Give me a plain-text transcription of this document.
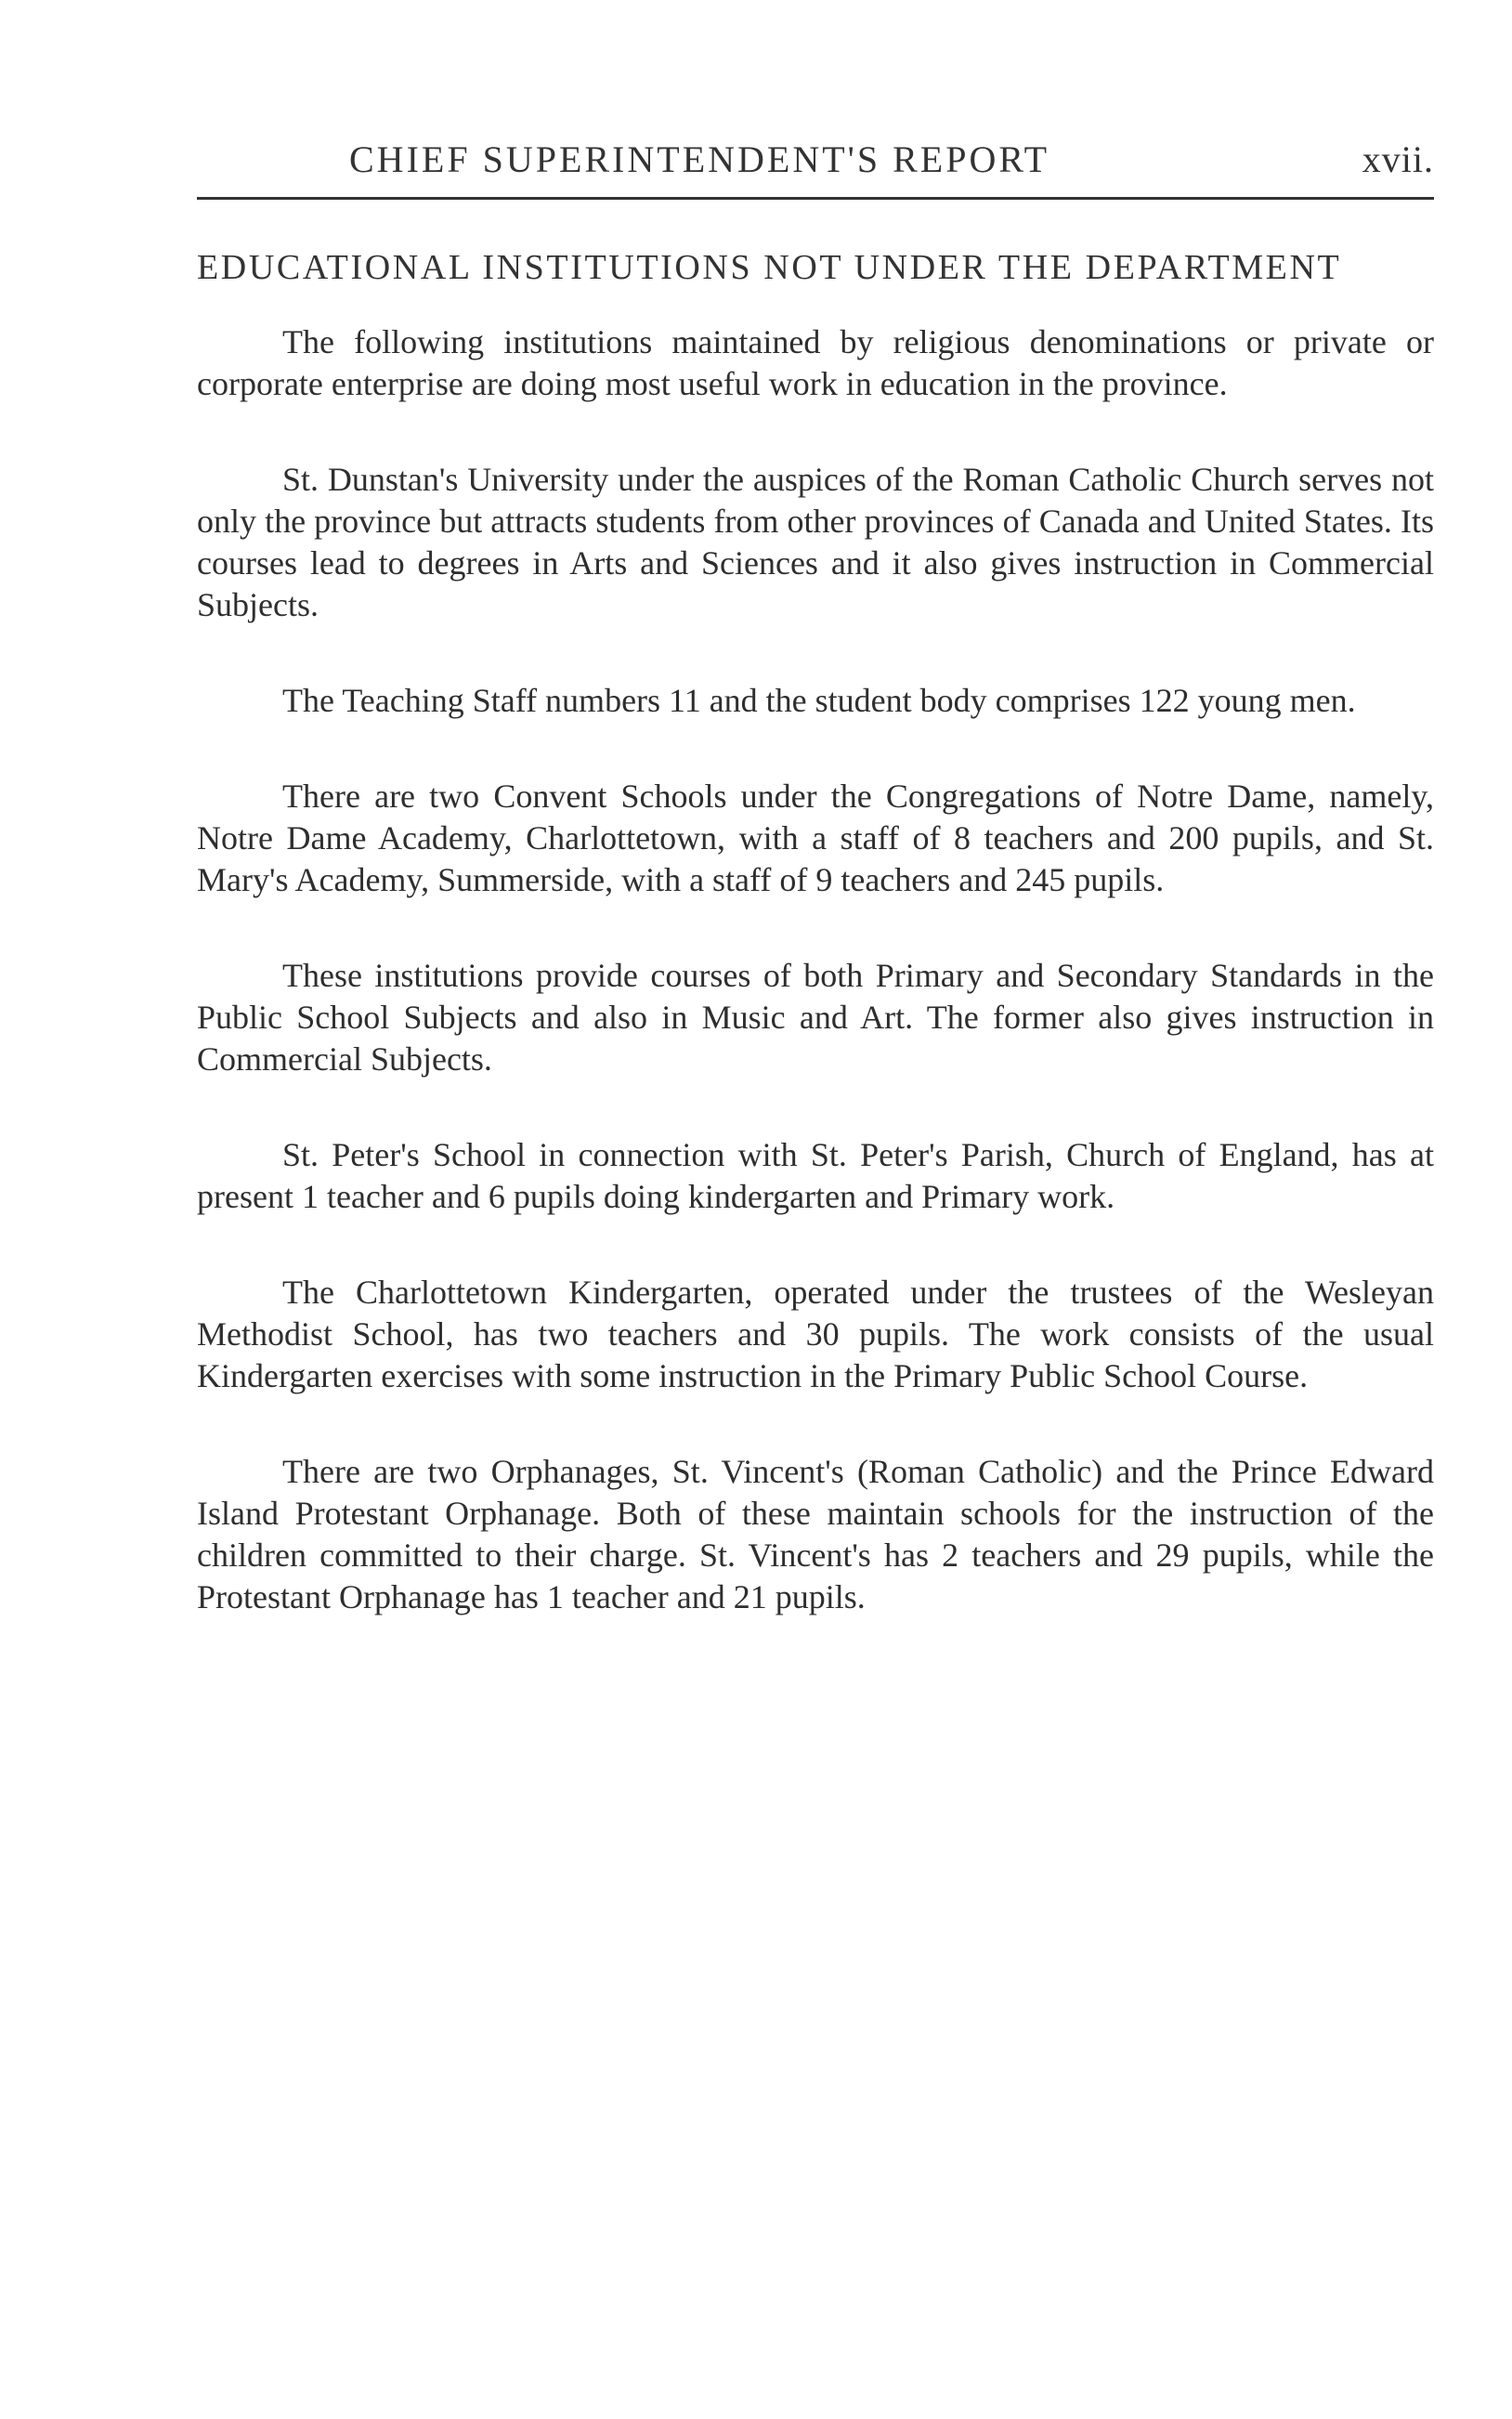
CHIEF SUPERINTENDENT'S REPORT	xvii.
EDUCATIONAL INSTITUTIONS NOT UNDER THE DEPARTMENT

The following institutions maintained by religious denominations or private or corporate enterprise are doing most useful work in education in the province.

St. Dunstan's University under the auspices of the Roman Catholic Church serves not only the province but attracts students from other provinces of Canada and United States. Its courses lead to degrees in Arts and Sciences and it also gives instruction in Commercial Subjects.

The Teaching Staff numbers 11 and the student body comprises 122 young men.

There are two Convent Schools under the Congregations of Notre Dame, namely, Notre Dame Academy, Charlottetown, with a staff of 8 teachers and 200 pupils, and St. Mary's Academy, Summerside, with a staff of 9 teachers and 245 pupils.

These institutions provide courses of both Primary and Secondary Standards in the Public School Subjects and also in Music and Art. The former also gives instruction in Commercial Subjects.

St. Peter's School in connection with St. Peter's Parish, Church of England, has at present 1 teacher and 6 pupils doing kindergarten and Primary work.

The Charlottetown Kindergarten, operated under the trustees of the Wesleyan Methodist School, has two teachers and 30 pupils. The work consists of the usual Kindergarten exercises with some instruction in the Primary Public School Course.

There are two Orphanages, St. Vincent's (Roman Catholic) and the Prince Edward Island Protestant Orphanage. Both of these maintain schools for the instruction of the children committed to their charge. St. Vincent's has 2 teachers and 29 pupils, while the Protestant Orphanage has 1 teacher and 21 pupils.
